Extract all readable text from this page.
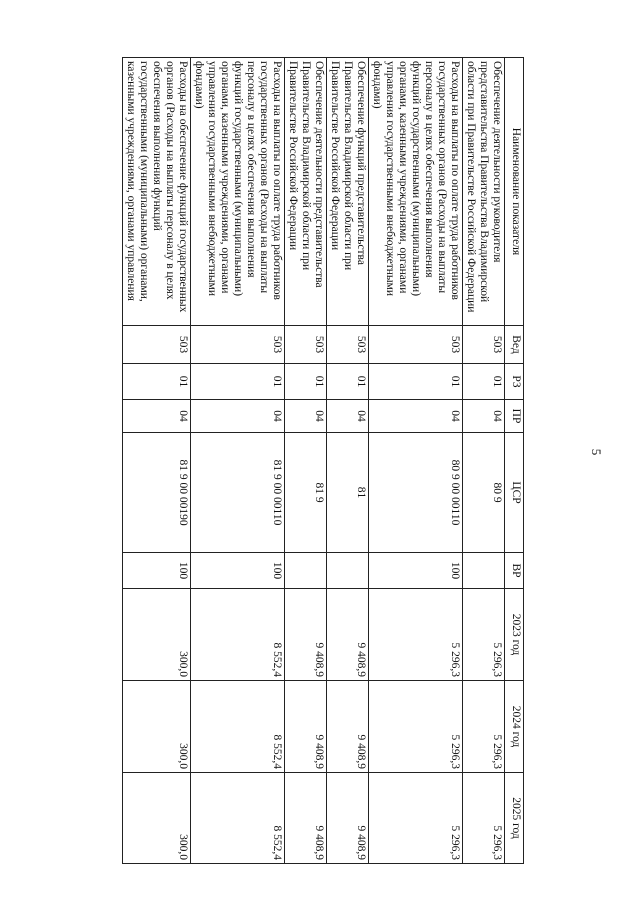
5
Наименование показателя	Вед	РЗ	ПР	ЦСР	ВР	2023 год	2024 год	2025 год
Обеспечение деятельности руководителя представительства Правительства Владимирской области при Правительстве Российской Федерации	503	01	04	80 9		5 296,3	5 296,3	5 296,3
Расходы на выплаты по оплате труда работников государственных органов (Расходы на выплаты персоналу в целях обеспечения выполнения функций государственными (муниципальными) органами, казенными учреждениями, органами управления государственными внебюджетными фондами)	503	01	04	80 9 00 00110	100	5 296,3	5 296,3	5 296,3
Обеспечение функций представительства Правительства Владимирской области при Правительстве Российской Федерации	503	01	04	81		9 408,9	9 408,9	9 408,9
Обеспечение деятельности представительства Правительства Владимирской области при Правительстве Российской Федерации	503	01	04	81 9		9 408,9	9 408,9	9 408,9
Расходы на выплаты по оплате труда работников государственных органов (Расходы на выплаты персоналу в целях обеспечения выполнения функций государственными (муниципальными) органами, казенными учреждениями, органами управления государственными внебюджетными фондами)	503	01	04	81 9 00 00110	100	8 552,4	8 552,4	8 552,4
Расходы на обеспечение функций государственных органов (Расходы на выплаты персоналу в целях обеспечения выполнения функций государственными (муниципальными) органами, казенными учреждениями, органами управления	503	01	04	81 9 00 00190	100	300,0	300,0	300,0
